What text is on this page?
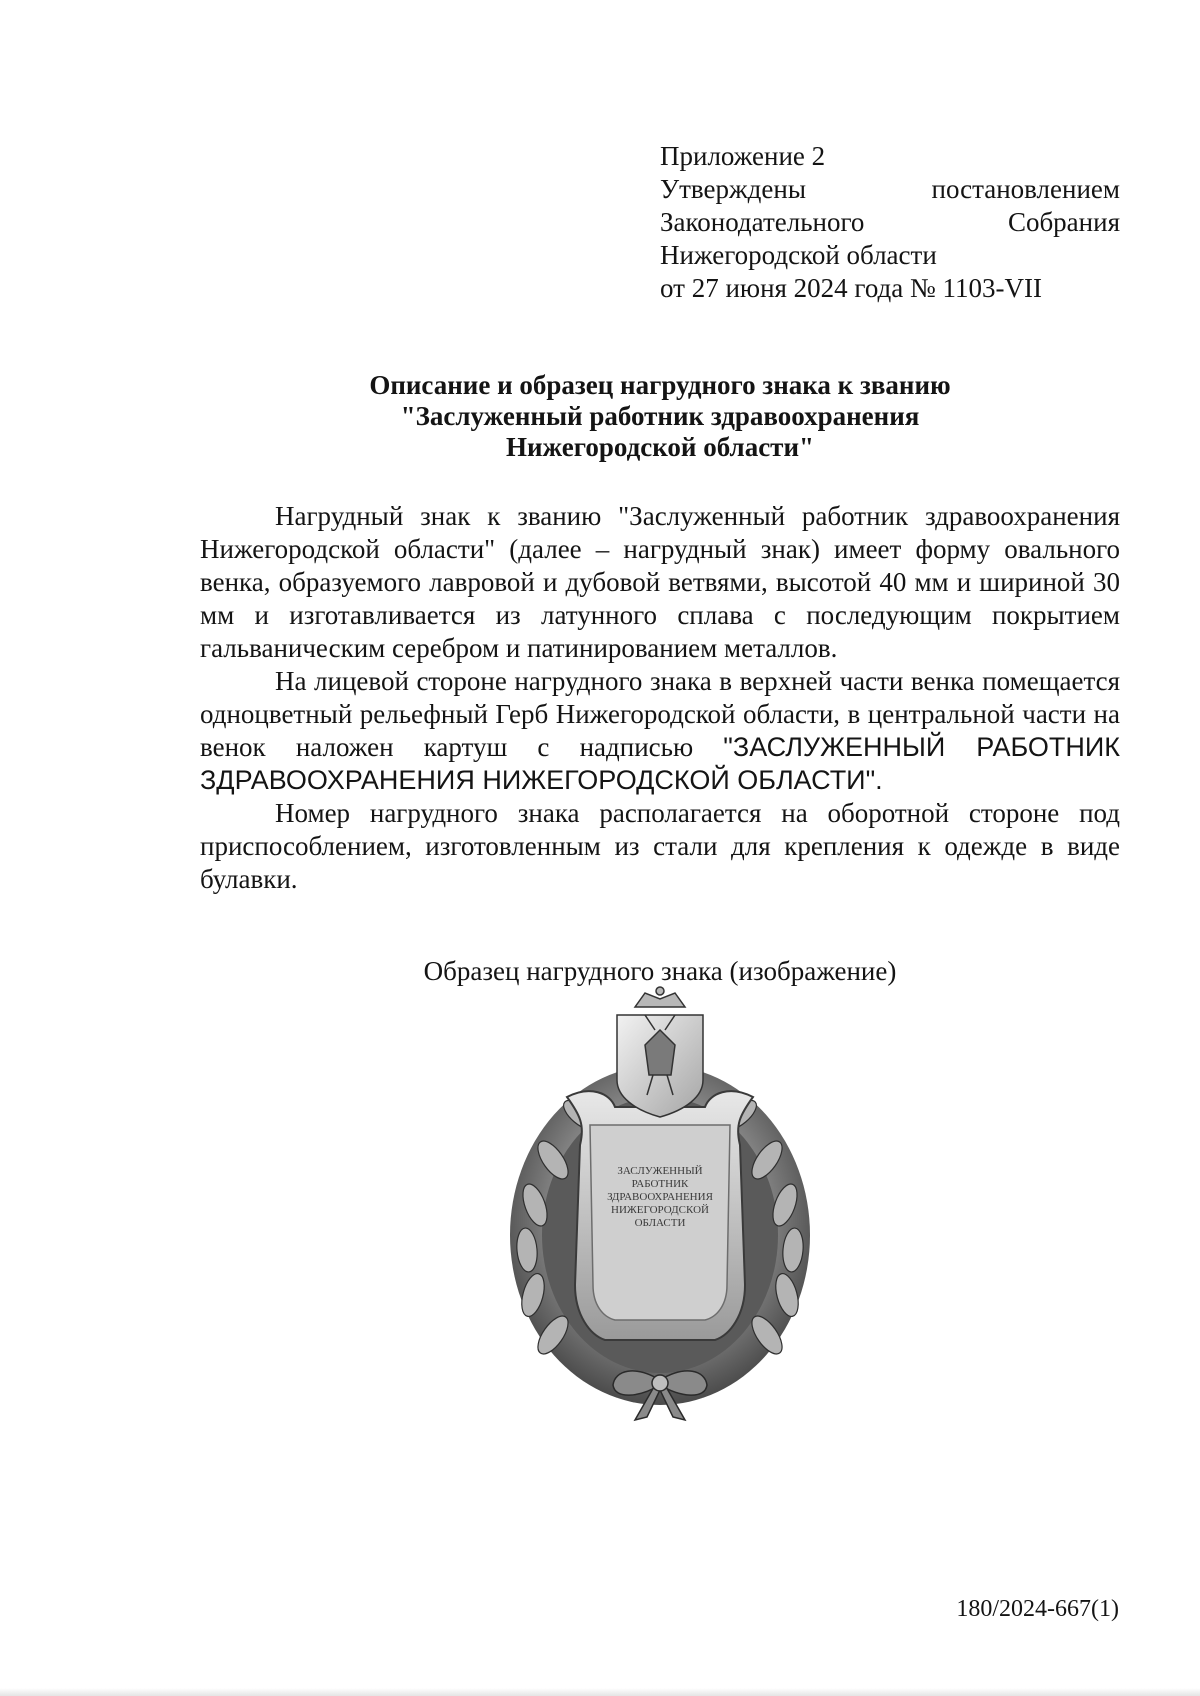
Приложение 2
Утверждены	постановлением
Законодательного	Собрания
Нижегородской области
от 27 июня 2024 года № 1103-VII
Описание и образец нагрудного знака к званию
"Заслуженный работник здравоохранения
Нижегородской области"

Нагрудный знак к званию "Заслуженный работник здравоохранения Нижегородской области" (далее – нагрудный знак) имеет форму овального венка, образуемого лавровой и дубовой ветвями, высотой 40 мм и шириной 30 мм и изготавливается из латунного сплава с последующим покрытием гальваническим серебром и патинированием металлов.

На лицевой стороне нагрудного знака в верхней части венка помещается одноцветный рельефный Герб Нижегородской области, в центральной части на венок наложен картуш с надписью "ЗАСЛУЖЕННЫЙ РАБОТНИК ЗДРАВООХРАНЕНИЯ НИЖЕГОРОДСКОЙ ОБЛАСТИ".

Номер нагрудного знака располагается на оборотной стороне под приспособлением, изготовленным из стали для крепления к одежде в виде булавки.

Образец нагрудного знака (изображение)
ЗАСЛУЖЕННЫЙ
РАБОТНИК
ЗДРАВООХРАНЕНИЯ
НИЖЕГОРОДСКОЙ
ОБЛАСТИ
180/2024-667(1)
